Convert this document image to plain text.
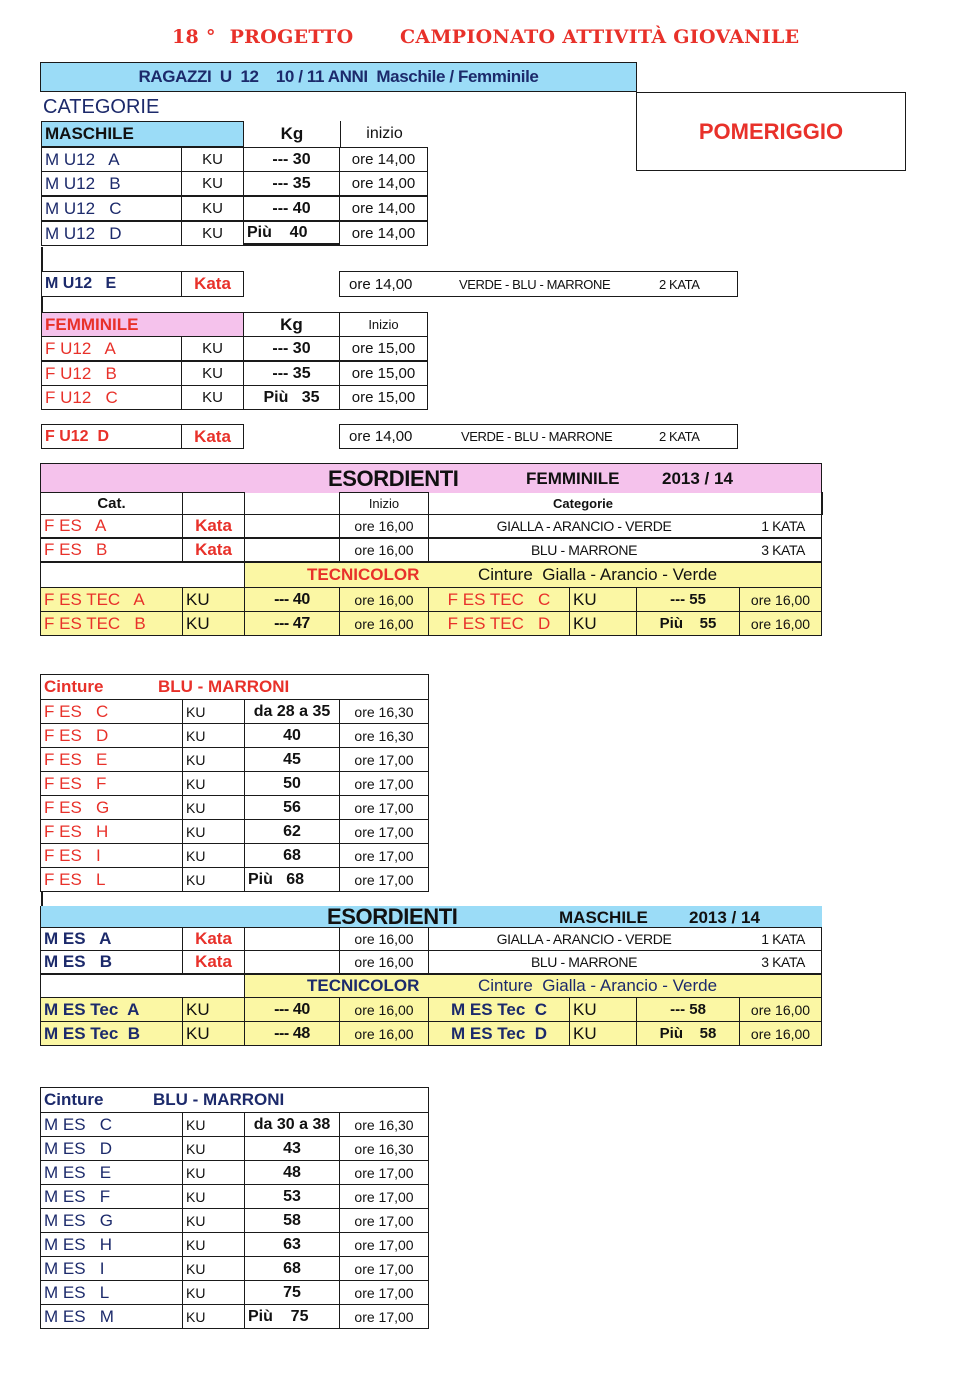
18 °  PROGETTO CAMPIONATO ATTIVITÀ GIOVANILE
RAGAZZI  U  12    10 / 11 ANNI  Maschile / Femminile
CATEGORIE
POMERIGGIO
MASCHILE	Kg	inizio
M U12   A	KU	--- 30	ore 14,00
M U12   B	KU	--- 35	ore 14,00
M U12   C	KU	--- 40	ore 14,00
M U12   D	KU	Più    40	ore 14,00
M U12   E	Kata	ore 14,00	VERDE - BLU - MARRONE	2 KATA
FEMMINILE	Kg	Inizio
F U12   A	KU	--- 30	ore 15,00
F U12   B	KU	--- 35	ore 15,00
F U12   C	KU	Più   35	ore 15,00
F U12  D	Kata	ore 14,00	VERDE - BLU - MARRONE	2 KATA
ESORDIENTI	FEMMINILE	2013 / 14
Cat.	Inizio	Categorie
F ES   A	Kata	ore 16,00	GIALLA - ARANCIO - VERDE	1 KATA
F ES   B	Kata	ore 16,00	BLU - MARRONE	3 KATA
TECNICOLOR	Cinture  Gialla - Arancio - Verde
F ES TEC   A	KU	--- 40	ore 16,00	F ES TEC   C	KU	--- 55	ore 16,00
F ES TEC   B	KU	--- 47	ore 16,00	F ES TEC   D	KU	Più    55	ore 16,00
Cinture	BLU - MARRONI
F ES   C	KU	da 28 a 35	ore 16,30
F ES   D	KU	40	ore 16,30
F ES   E	KU	45	ore 17,00
F ES   F	KU	50	ore 17,00
F ES   G	KU	56	ore 17,00
F ES   H	KU	62	ore 17,00
F ES   I	KU	68	ore 17,00
F ES   L	KU	Più   68	ore 17,00
ESORDIENTI	MASCHILE 2013 / 14
M ES   A	Kata	ore 16,00	GIALLA - ARANCIO - VERDE	1 KATA
M ES   B	Kata	ore 16,00	BLU - MARRONE	3 KATA
TECNICOLOR	Cinture  Gialla - Arancio - Verde
M ES Tec  A	KU	--- 40	ore 16,00	M ES Tec  C	KU	--- 58	ore 16,00
M ES Tec  B	KU	--- 48	ore 16,00	M ES Tec  D	KU	Più    58	ore 16,00
Cinture	BLU - MARRONI
M ES   C	KU	da 30 a 38	ore 16,30
M ES   D	KU	43	ore 16,30
M ES   E	KU	48	ore 17,00
M ES   F	KU	53	ore 17,00
M ES   G	KU	58	ore 17,00
M ES   H	KU	63	ore 17,00
M ES   I	KU	68	ore 17,00
M ES   L	KU	75	ore 17,00
M ES   M	KU	Più    75	ore 17,00
